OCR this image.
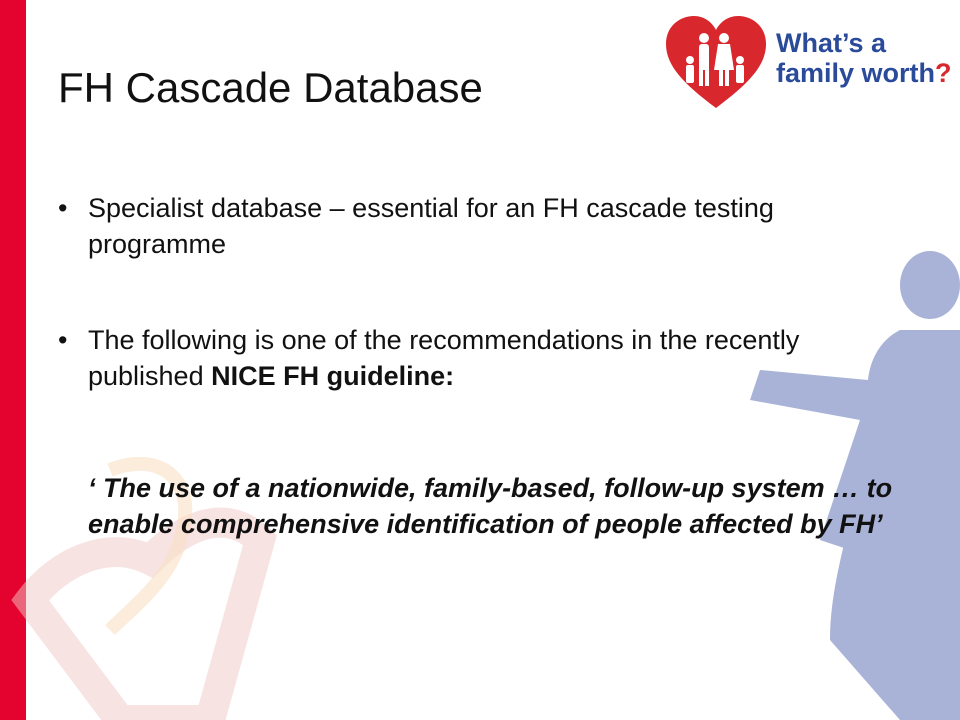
What’s a
family worth?
FH Cascade Database
• Specialist database – essential for an FH cascade testing programme
• The following is one of the recommendations in the recently published NICE FH guideline:
‘ The use of a nationwide, family-based, follow-up system … to enable comprehensive identification of people affected by FH’
